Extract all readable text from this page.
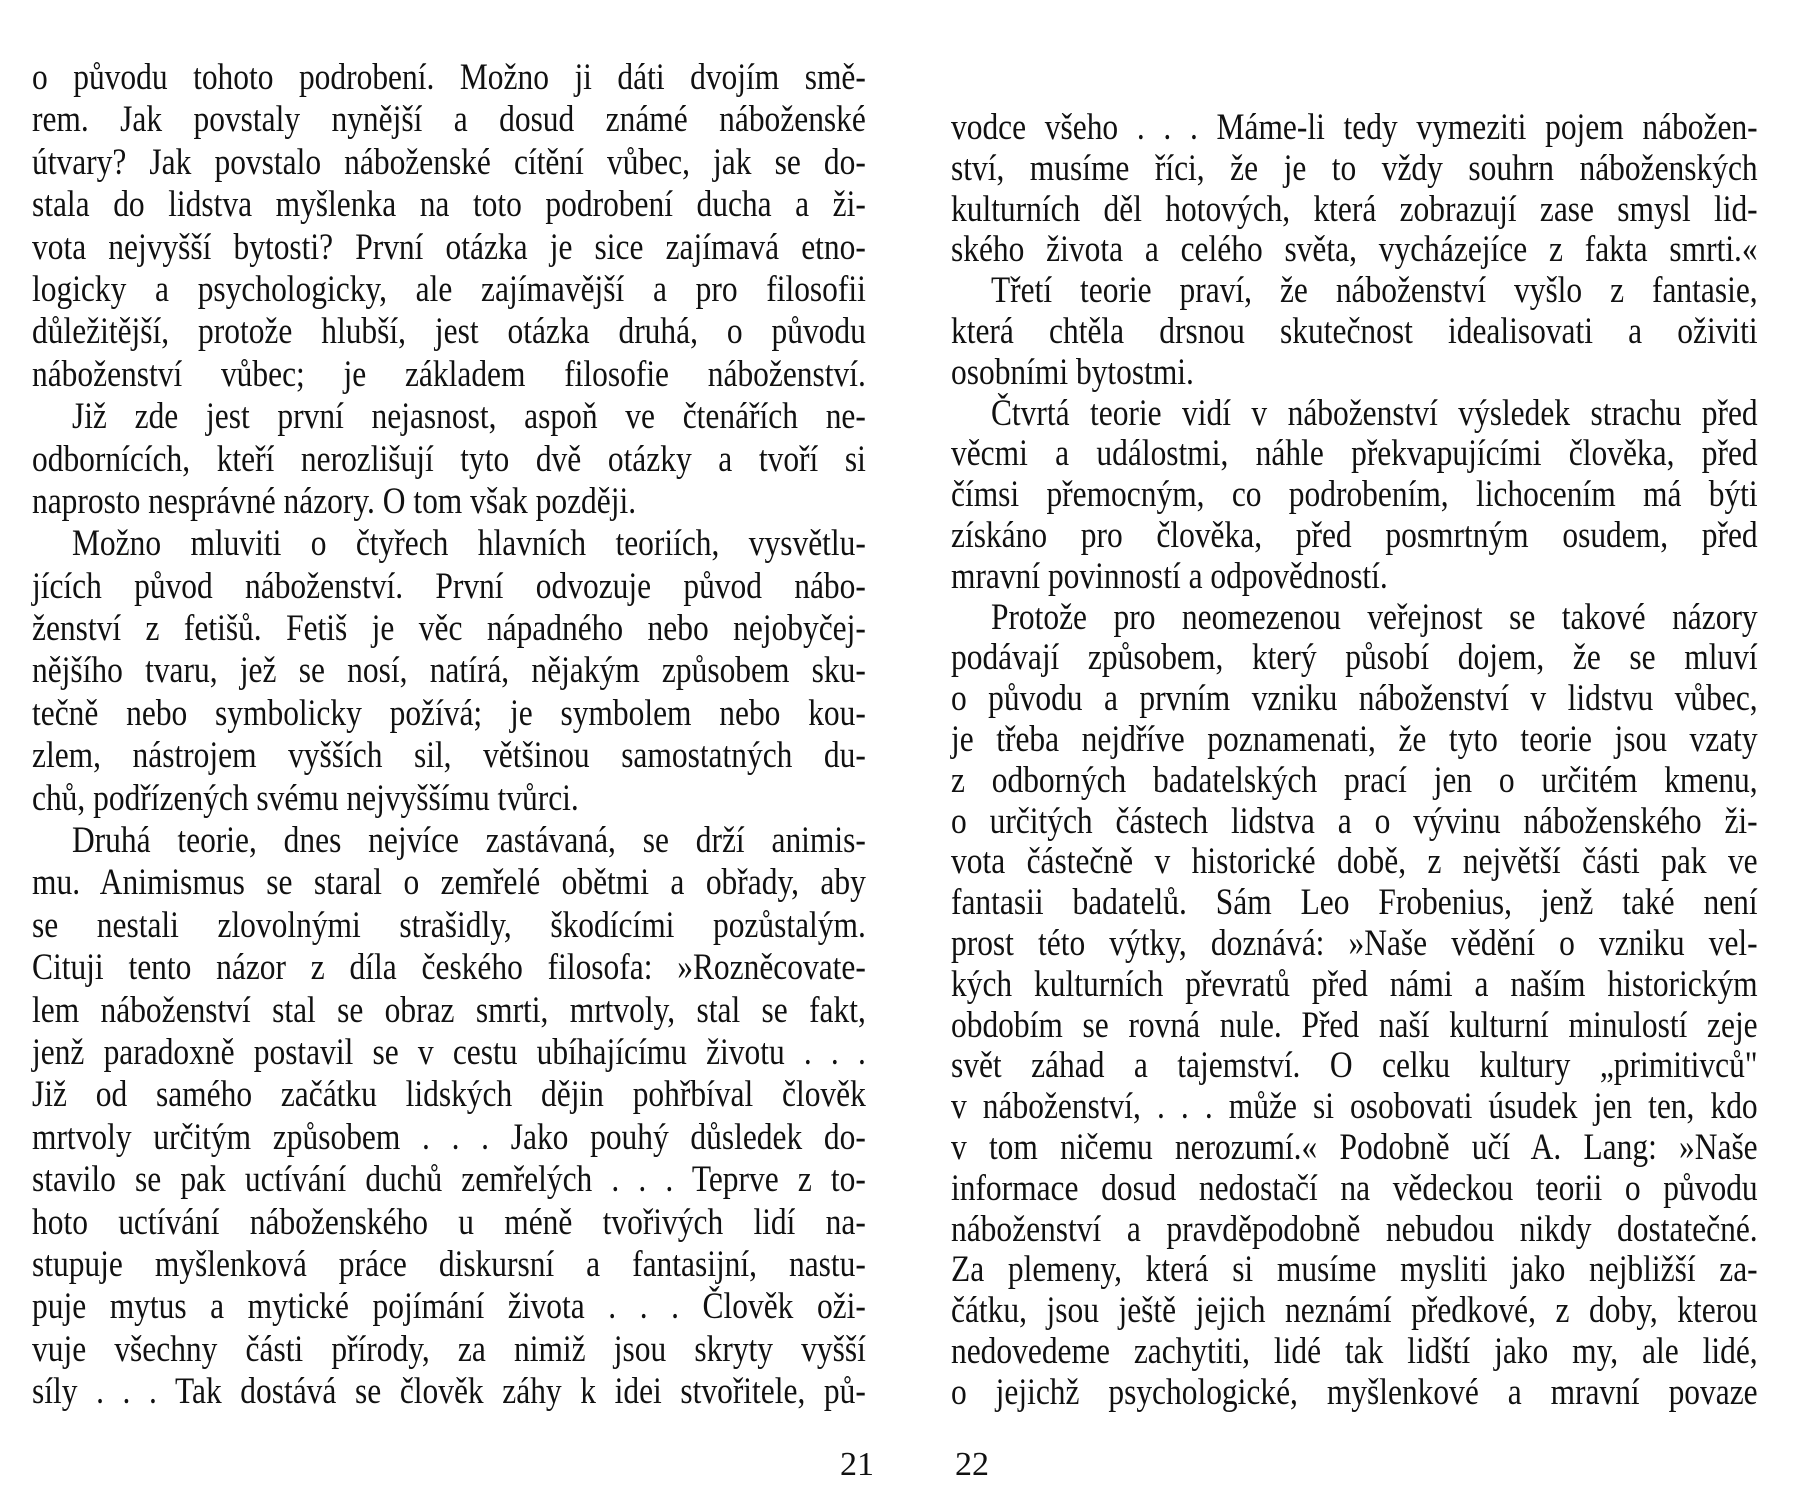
o původu tohoto podrobení. Možno ji dáti dvojím smě-
rem. Jak povstaly nynější a dosud známé náboženské
útvary? Jak povstalo náboženské cítění vůbec, jak se do-
stala do lidstva myšlenka na toto podrobení ducha a ži-
vota nejvyšší bytosti? První otázka je sice zajímavá etno-
logicky a psychologicky, ale zajímavější a pro filosofii
důležitější, protože hlubší, jest otázka druhá, o původu
náboženství vůbec; je základem filosofie náboženství.
Již zde jest první nejasnost, aspoň ve čtenářích ne-
odbornících, kteří nerozlišují tyto dvě otázky a tvoří si
naprosto nesprávné názory. O tom však později.
Možno mluviti o čtyřech hlavních teoriích, vysvětlu-
jících původ náboženství. První odvozuje původ nábo-
ženství z fetišů. Fetiš je věc nápadného nebo nejobyčej-
nějšího tvaru, jež se nosí, natírá, nějakým způsobem sku-
tečně nebo symbolicky požívá; je symbolem nebo kou-
zlem, nástrojem vyšších sil, většinou samostatných du-
chů, podřízených svému nejvyššímu tvůrci.
Druhá teorie, dnes nejvíce zastávaná, se drží animis-
mu. Animismus se staral o zemřelé obětmi a obřady, aby
se nestali zlovolnými strašidly, škodícími pozůstalým.
Cituji tento názor z díla českého filosofa: »Rozněcovate-
lem náboženství stal se obraz smrti, mrtvoly, stal se fakt,
jenž paradoxně postavil se v cestu ubíhajícímu životu . . .
Již od samého začátku lidských dějin pohřbíval člověk
mrtvoly určitým způsobem . . . Jako pouhý důsledek do-
stavilo se pak uctívání duchů zemřelých . . . Teprve z to-
hoto uctívání náboženského u méně tvořivých lidí na-
stupuje myšlenková práce diskursní a fantasijní, nastu-
puje mytus a mytické pojímání života . . . Člověk oži-
vuje všechny části přírody, za nimiž jsou skryty vyšší
síly . . . Tak dostává se člověk záhy k idei stvořitele, pů-
vodce všeho . . . Máme-li tedy vymeziti pojem nábožen-
ství, musíme říci, že je to vždy souhrn náboženských
kulturních děl hotových, která zobrazují zase smysl lid-
ského života a celého světa, vycházejíce z fakta smrti.«
Třetí teorie praví, že náboženství vyšlo z fantasie,
která chtěla drsnou skutečnost idealisovati a oživiti
osobními bytostmi.
Čtvrtá teorie vidí v náboženství výsledek strachu před
věcmi a událostmi, náhle překvapujícími člověka, před
čímsi přemocným, co podrobením, lichocením má býti
získáno pro člověka, před posmrtným osudem, před
mravní povinností a odpovědností.
Protože pro neomezenou veřejnost se takové názory
podávají způsobem, který působí dojem, že se mluví
o původu a prvním vzniku náboženství v lidstvu vůbec,
je třeba nejdříve poznamenati, že tyto teorie jsou vzaty
z odborných badatelských prací jen o určitém kmenu,
o určitých částech lidstva a o vývinu náboženského ži-
vota částečně v historické době, z největší části pak ve
fantasii badatelů. Sám Leo Frobenius, jenž také není
prost této výtky, doznává: »Naše vědění o vzniku vel-
kých kulturních převratů před námi a naším historickým
obdobím se rovná nule. Před naší kulturní minulostí zeje
svět záhad a tajemství. O celku kultury „primitivců"
v náboženství, . . . může si osobovati úsudek jen ten, kdo
v tom ničemu nerozumí.« Podobně učí A. Lang: »Naše
informace dosud nedostačí na vědeckou teorii o původu
náboženství a pravděpodobně nebudou nikdy dostatečné.
Za plemeny, která si musíme mysliti jako nejbližší za-
čátku, jsou ještě jejich neznámí předkové, z doby, kterou
nedovedeme zachytiti, lidé tak lidští jako my, ale lidé,
o jejichž psychologické, myšlenkové a mravní povaze
21 22
